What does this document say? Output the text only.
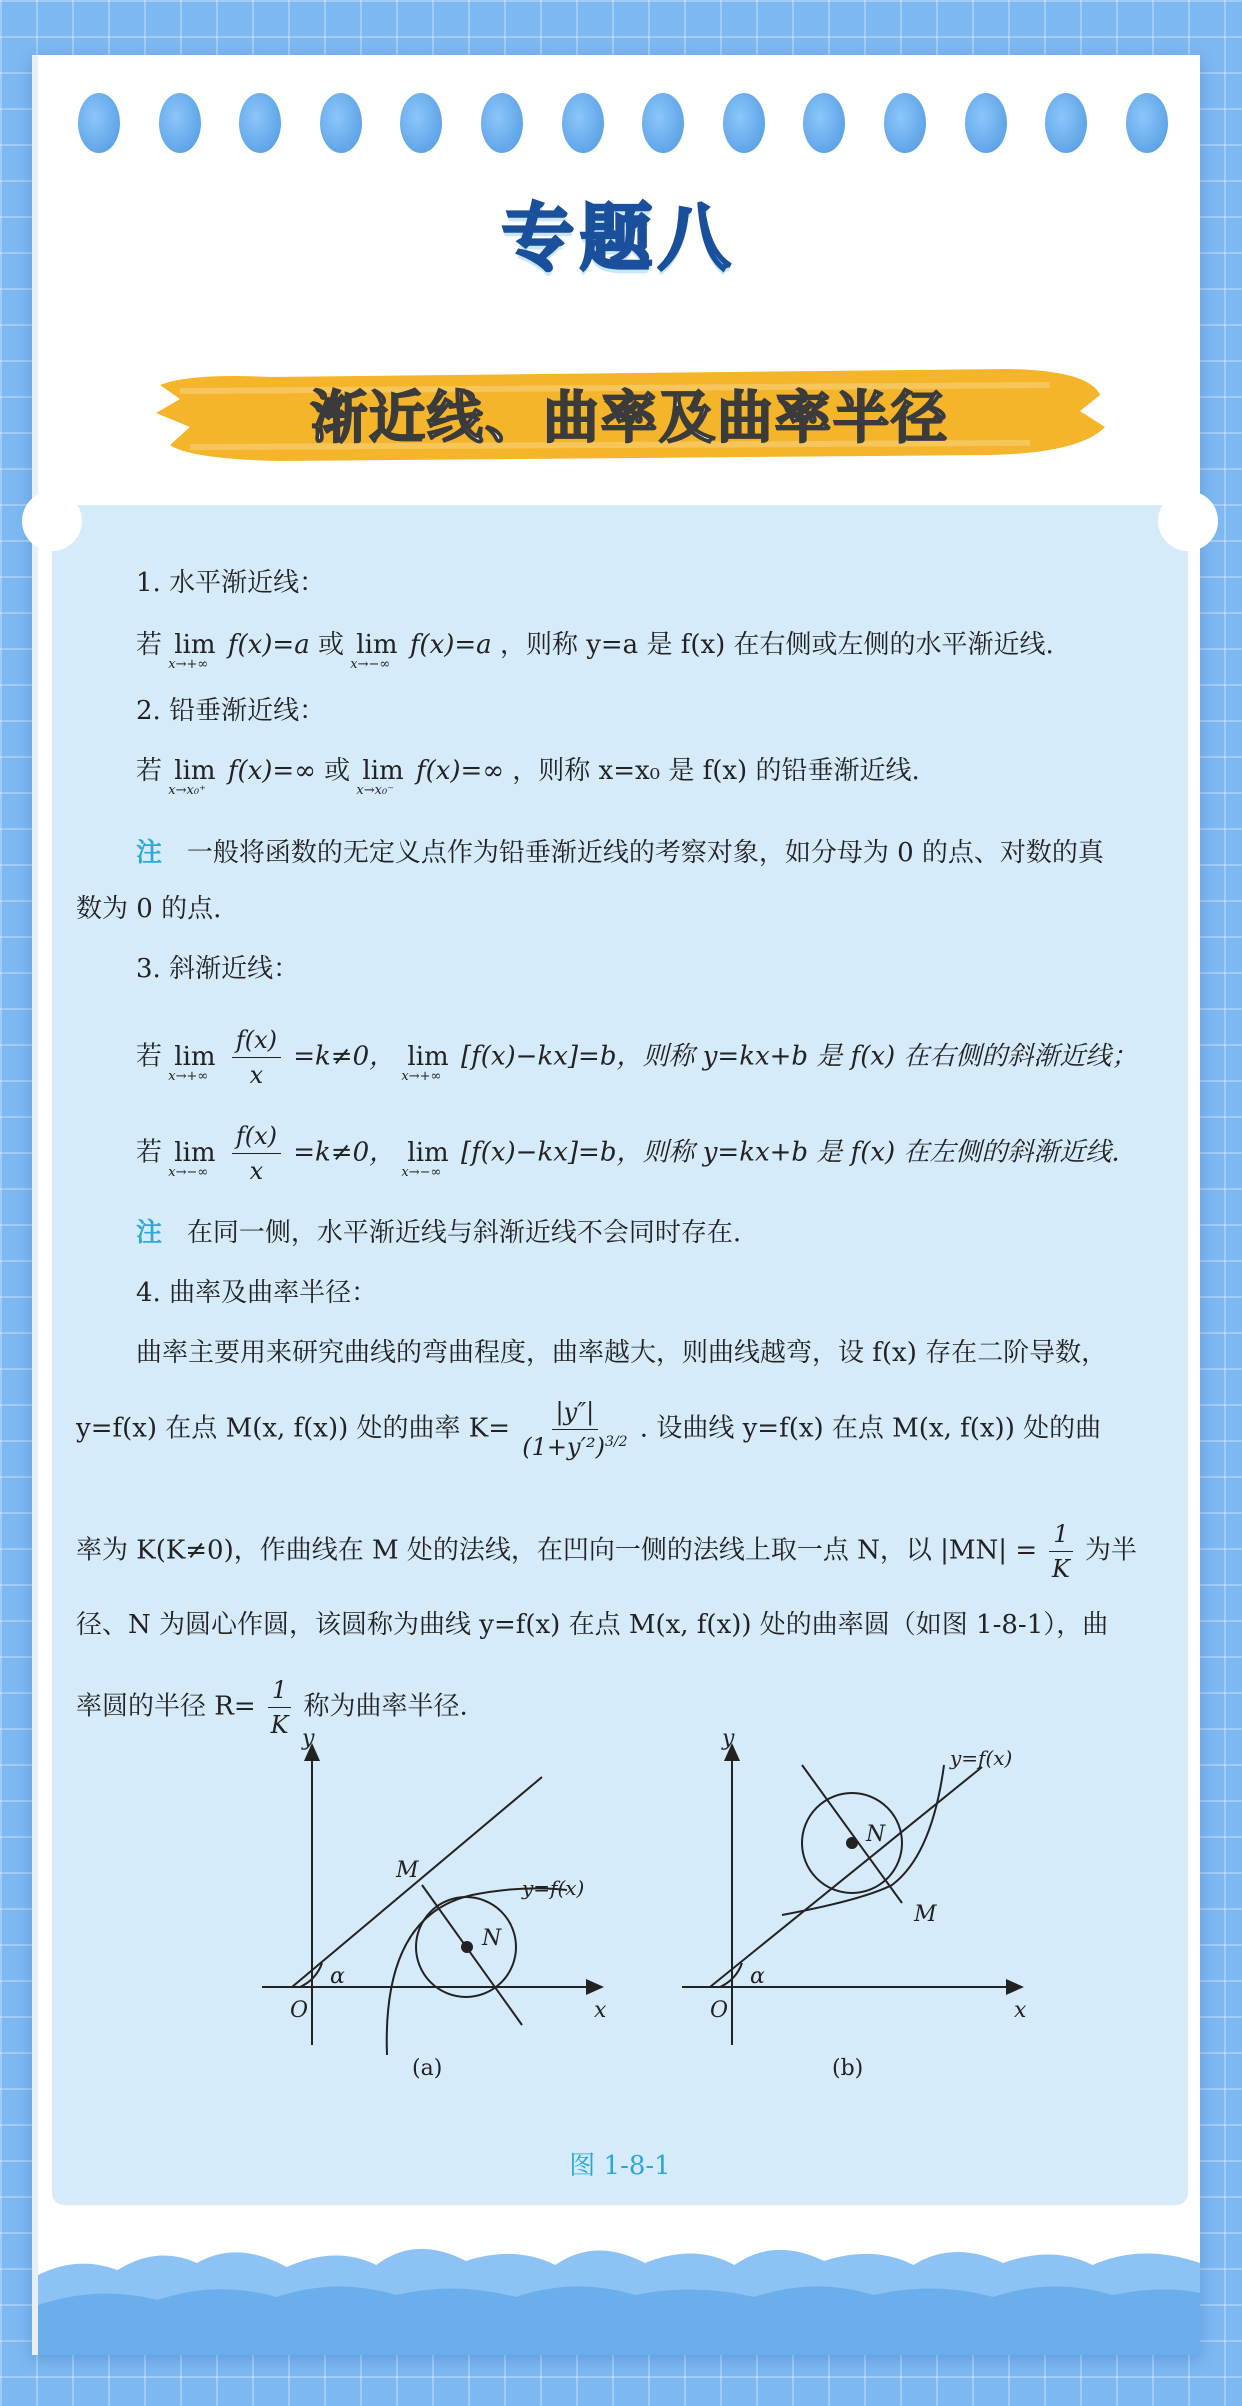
专题八
渐近线、曲率及曲率半径
1. 水平渐近线：
若 lim
x→+∞
f(x)=a 或 lim
x→−∞
f(x)=a ，则称 y=a 是 f(x) 在右侧或左侧的水平渐近线.
2. 铅垂渐近线：
若 lim
x→x₀⁺
f(x)=∞ 或 lim
x→x₀⁻
f(x)=∞ ，则称 x=x₀ 是 f(x) 的铅垂渐近线.
注 一般将函数的无定义点作为铅垂渐近线的考察对象，如分母为 0 的点、对数的真
数为 0 的点.
3. 斜渐近线：
若 lim
x→+∞
$\frac{f(x)}{x} =k\ne 0$， lim
x→+∞
[f(x)−kx]=b，则称 y=kx+b 是 f(x) 在右侧的斜渐近线；
若 lim
x→−∞
$\frac{f(x)}{x} =k\ne 0$， lim
x→−∞
[f(x)−kx]=b，则称 y=kx+b 是 f(x) 在左侧的斜渐近线.
注 在同一侧，水平渐近线与斜渐近线不会同时存在.
4. 曲率及曲率半径：
曲率主要用来研究曲线的弯曲程度，曲率越大，则曲线越弯，设 f(x) 存在二阶导数，
y=f(x) 在点 M(x, f(x)) 处的曲率 $K= \frac{|y''|}{(1+y'^2)^{3/2}}$ . 设曲线 y=f(x) 在点 M(x, f(x)) 处的曲
率为 K(K≠0)，作曲线在 M 处的法线，在凹向一侧的法线上取一点 N，以 $|MN| = \frac{1}{K}$ 为半
径、N 为圆心作圆，该圆称为曲线 y=f(x) 在点 M(x, f(x)) 处的曲率圆（如图 1-8-1），曲
率圆的半径 $R= \frac{1}{K}$ 称为曲率半径.
y
x
O
α
M
N
y=f(x)
(a)
y
x
O
α
M
N
y=f(x)
(b)
图 1-8-1
